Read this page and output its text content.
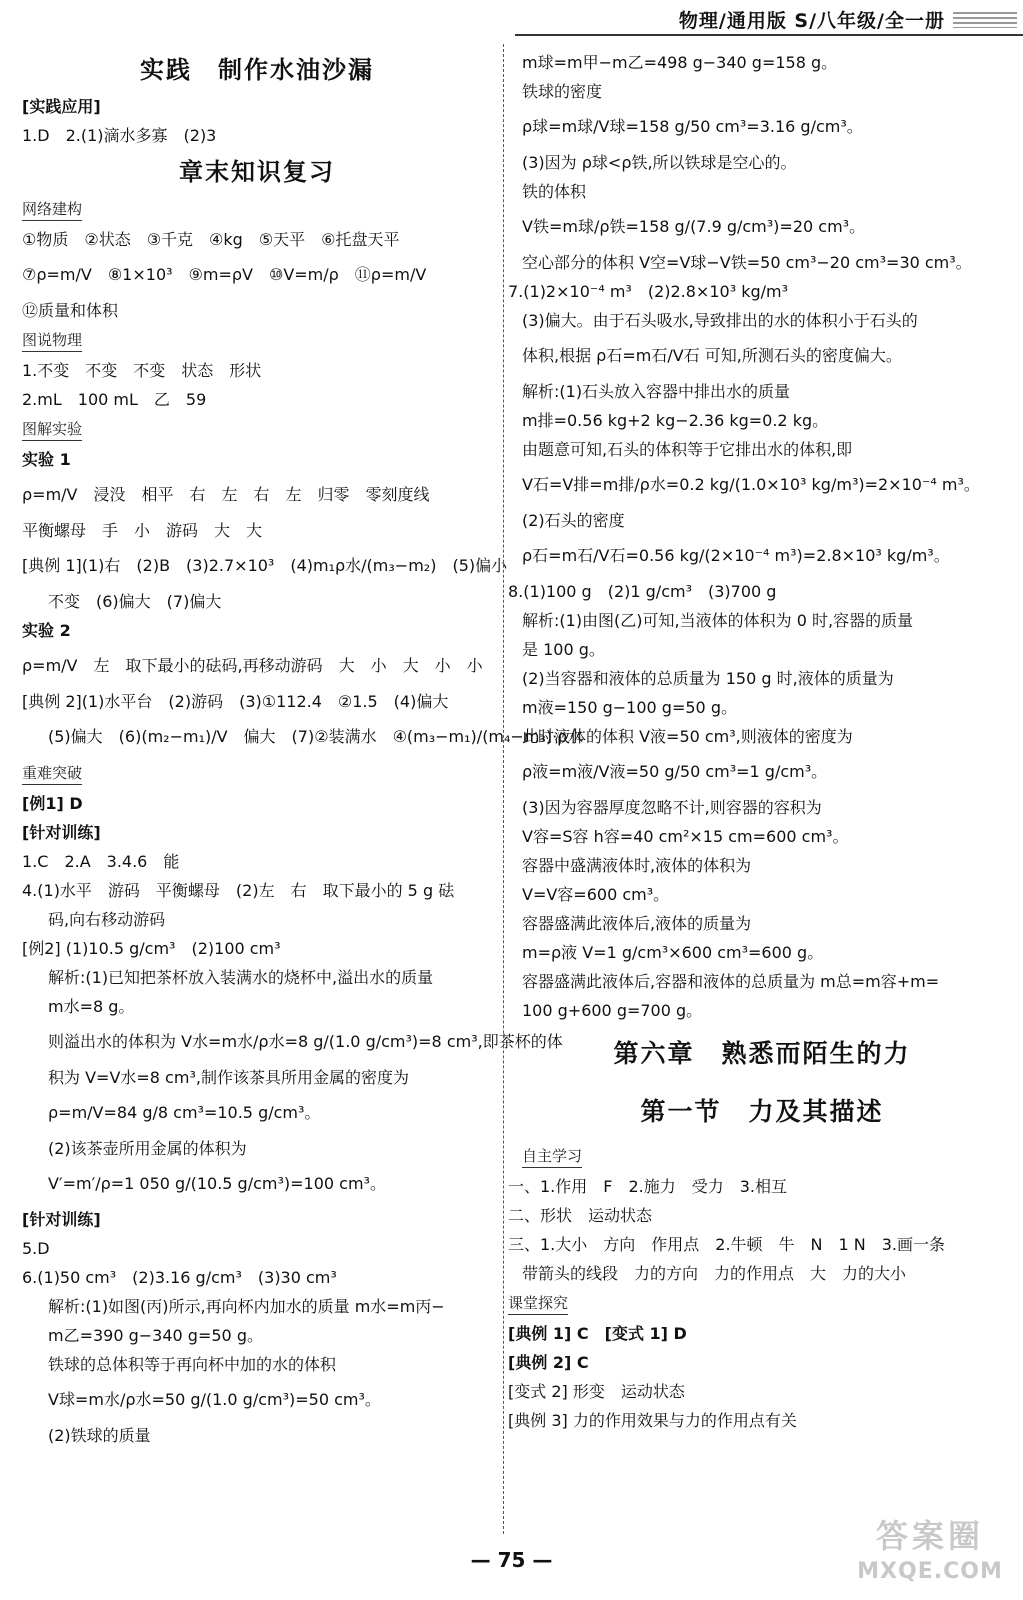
物理/通用版 S/八年级/全一册
实践　制作水油沙漏
[实践应用]
1.D　2.(1)滴水多寡　(2)3
章末知识复习
网络建构
①物质　②状态　③千克　④kg　⑤天平　⑥托盘天平
⑦ρ=m/V　⑧1×10³　⑨m=ρV　⑩V=m/ρ　⑪ρ=m/V
⑫质量和体积
图说物理
1.不变　不变　不变　状态　形状
2.mL　100 mL　乙　59
图解实验
实验 1
ρ=m/V　浸没　相平　右　左　右　左　归零　零刻度线
平衡螺母　手　小　游码　大　大
[典例 1](1)右　(2)B　(3)2.7×10³　(4)m₁ρ水/(m₃−m₂)　(5)偏小
不变　(6)偏大　(7)偏大
实验 2
ρ=m/V　左　取下最小的砝码,再移动游码　大　小　大　小　小
[典例 2](1)水平台　(2)游码　(3)①112.4　②1.5　(4)偏大
(5)偏大　(6)(m₂−m₁)/V　偏大　(7)②装满水　④(m₃−m₁)/(m₄−m₃)·ρ水
重难突破
[例1] D
[针对训练]
1.C　2.A　3.4.6　能
4.(1)水平　游码　平衡螺母　(2)左　右　取下最小的 5 g 砝
码,向右移动游码
[例2] (1)10.5 g/cm³　(2)100 cm³
解析:(1)已知把茶杯放入装满水的烧杯中,溢出水的质量
m水=8 g。
则溢出水的体积为 V水=m水/ρ水=8 g/(1.0 g/cm³)=8 cm³,即茶杯的体
积为 V=V水=8 cm³,制作该茶具所用金属的密度为
ρ=m/V=84 g/8 cm³=10.5 g/cm³。
(2)该茶壶所用金属的体积为
V′=m′/ρ=1 050 g/(10.5 g/cm³)=100 cm³。
[针对训练]
5.D
6.(1)50 cm³　(2)3.16 g/cm³　(3)30 cm³
解析:(1)如图(丙)所示,再向杯内加水的质量 m水=m丙−
m乙=390 g−340 g=50 g。
铁球的总体积等于再向杯中加的水的体积
V球=m水/ρ水=50 g/(1.0 g/cm³)=50 cm³。
(2)铁球的质量
m球=m甲−m乙=498 g−340 g=158 g。
铁球的密度
ρ球=m球/V球=158 g/50 cm³=3.16 g/cm³。
(3)因为 ρ球<ρ铁,所以铁球是空心的。
铁的体积
V铁=m球/ρ铁=158 g/(7.9 g/cm³)=20 cm³。
空心部分的体积 V空=V球−V铁=50 cm³−20 cm³=30 cm³。
7.(1)2×10⁻⁴ m³　(2)2.8×10³ kg/m³
(3)偏大。由于石头吸水,导致排出的水的体积小于石头的
体积,根据 ρ石=m石/V石 可知,所测石头的密度偏大。
解析:(1)石头放入容器中排出水的质量
m排=0.56 kg+2 kg−2.36 kg=0.2 kg。
由题意可知,石头的体积等于它排出水的体积,即
V石=V排=m排/ρ水=0.2 kg/(1.0×10³ kg/m³)=2×10⁻⁴ m³。
(2)石头的密度
ρ石=m石/V石=0.56 kg/(2×10⁻⁴ m³)=2.8×10³ kg/m³。
8.(1)100 g　(2)1 g/cm³　(3)700 g
解析:(1)由图(乙)可知,当液体的体积为 0 时,容器的质量
是 100 g。
(2)当容器和液体的总质量为 150 g 时,液体的质量为
m液=150 g−100 g=50 g。
此时液体的体积 V液=50 cm³,则液体的密度为
ρ液=m液/V液=50 g/50 cm³=1 g/cm³。
(3)因为容器厚度忽略不计,则容器的容积为
V容=S容 h容=40 cm²×15 cm=600 cm³。
容器中盛满液体时,液体的体积为
V=V容=600 cm³。
容器盛满此液体后,液体的质量为
m=ρ液 V=1 g/cm³×600 cm³=600 g。
容器盛满此液体后,容器和液体的总质量为 m总=m容+m=
100 g+600 g=700 g。
第六章　熟悉而陌生的力
第一节　力及其描述
自主学习
一、1.作用　F　2.施力　受力　3.相互
二、形状　运动状态
三、1.大小　方向　作用点　2.牛顿　牛　N　1 N　3.画一条
带箭头的线段　力的方向　力的作用点　大　力的大小
课堂探究
[典例 1] C　[变式 1] D
[典例 2] C
[变式 2] 形变　运动状态
[典例 3] 力的作用效果与力的作用点有关
— 75 —
答案圈
MXQE.COM
